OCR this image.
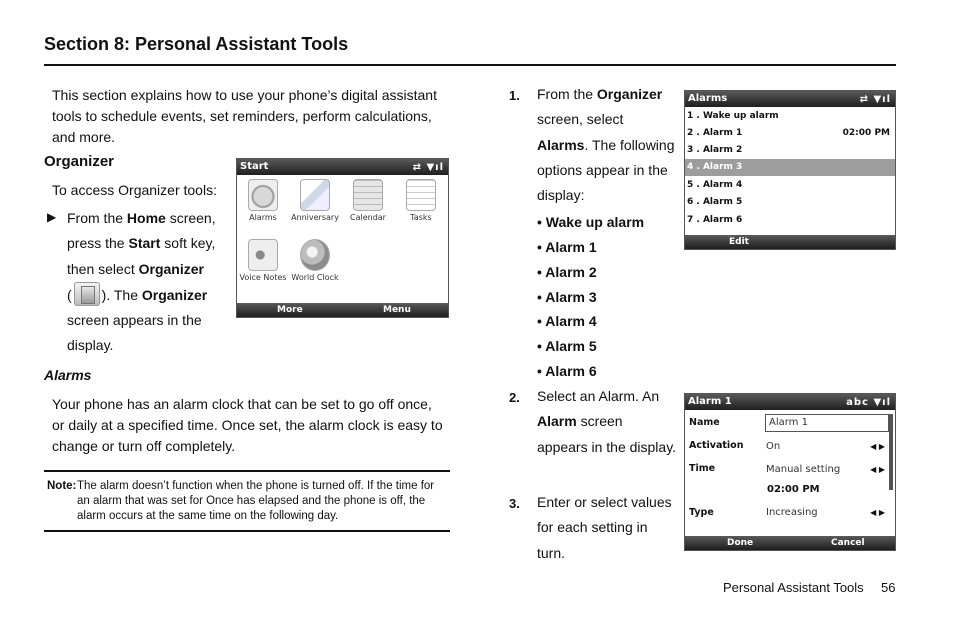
Section 8: Personal Assistant Tools
This section explains how to use your phone’s digital assistant tools to schedule events, set reminders, perform calculations, and more.
Organizer
To access Organizer tools:
▶ From the Home screen, press the Start soft key, then select Organizer
( ). The Organizer screen appears in the display.
Start	⇄ ▼ıl
Alarms	Anniversary	Calendar	Tasks
Voice Notes World Clock
More	Menu
Alarms
Your phone has an alarm clock that can be set to go off once, or daily at a specified time. Once set, the alarm clock is easy to change or turn off completely.
Note: The alarm doesn’t function when the phone is turned off. If the time for an alarm that was set for Once has elapsed and the phone is off, the alarm occurs at the same time on the following day.
1. From the Organizer screen, select Alarms. The following options appear in the display:
• Wake up alarm
• Alarm 1
• Alarm 2
• Alarm 3
• Alarm 4
• Alarm 5
• Alarm 6
2. Select an Alarm. An Alarm screen appears in the display.
3. Enter or select values for each setting in turn.
Alarms	⇄ ▼ıl
1 . Wake up alarm
2 . Alarm 1	02:00 PM
3 . Alarm 2
4 . Alarm 3
5 . Alarm 4
6 . Alarm 5
7 . Alarm 6
Edit
Alarm 1	abc ▼ıl
Name	Alarm 1
Activation On	◀ ▶
Time	Manual setting	◀ ▶
02:00 PM
Type	Increasing	◀ ▶
Done	Cancel
Personal Assistant Tools 56
